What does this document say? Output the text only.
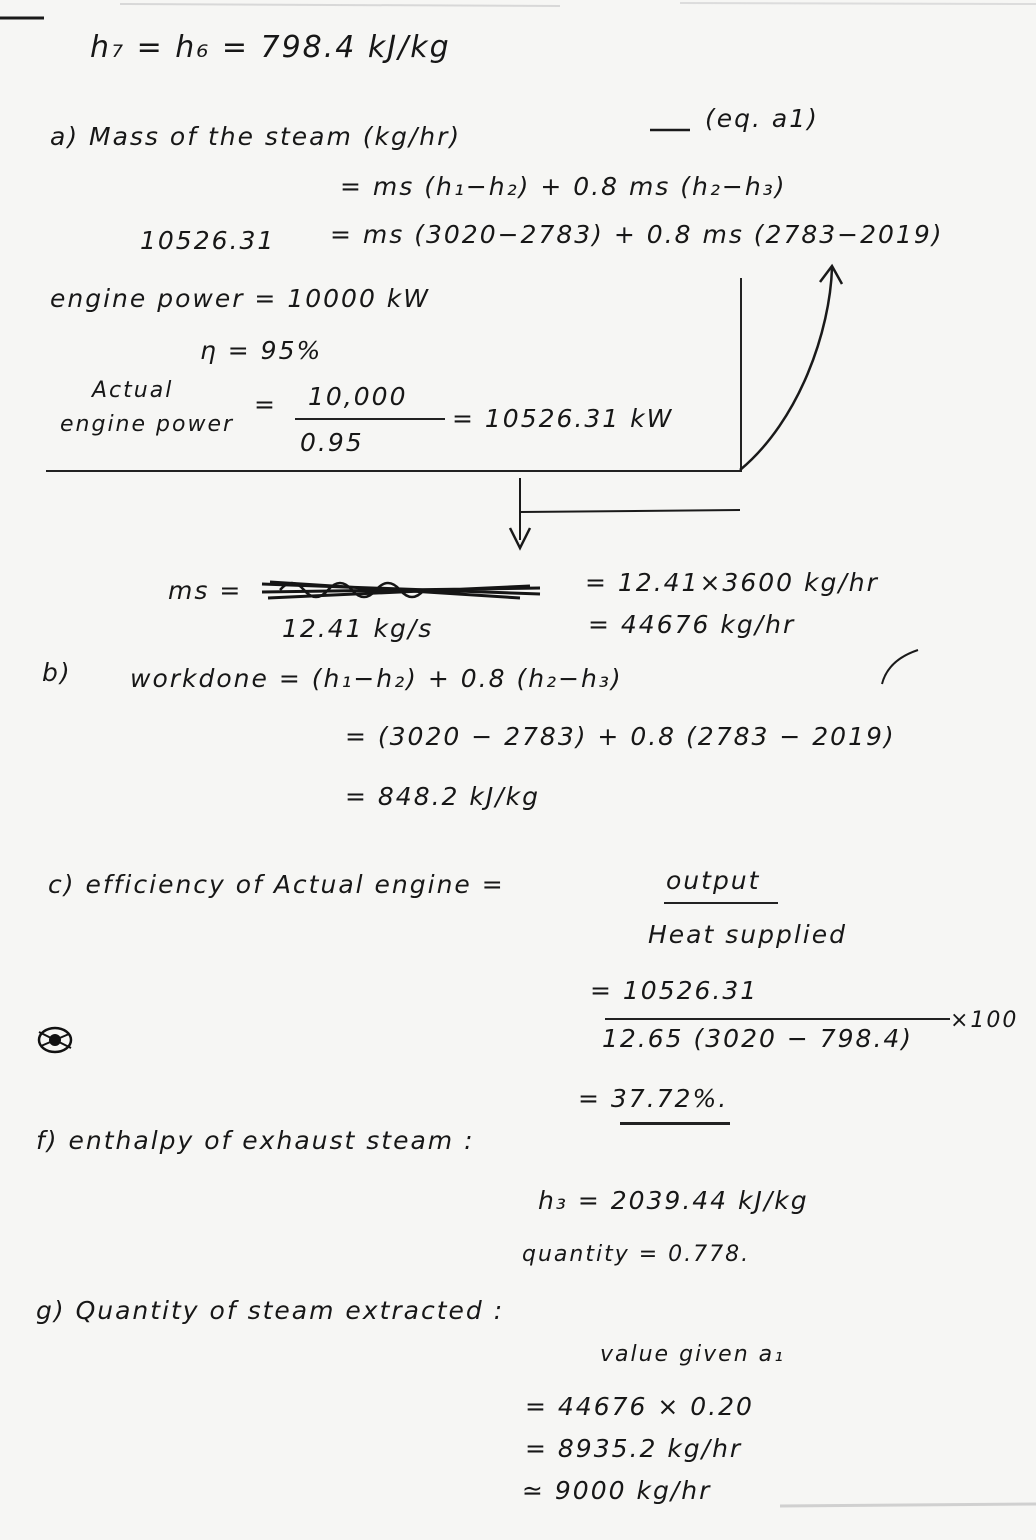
h₇ = h₆ = 798.4 kJ/kg
a) Mass of the steam (kg/hr)
(eq. a1)
= ms (h₁−h₂) + 0.8 ms (h₂−h₃)
10526.31 = ms (3020−2783) + 0.8 ms (2783−2019)
engine power = 10000 kW
η = 95%
Actual
engine power
= 10,000
0.95
= 10526.31 kW
ms =	= 12.41×3600 kg/hr
12.41 kg/s	= 44676 kg/hr
b) workdone = (h₁−h₂) + 0.8 (h₂−h₃)
= (3020 − 2783) + 0.8 (2783 − 2019)
= 848.2 kJ/kg
c) efficiency of Actual engine =	output
Heat supplied
= 10526.31
12.65 (3020 − 798.4)
×100
= 37.72%.
f) enthalpy of exhaust steam :
h₃ = 2039.44 kJ/kg
quantity = 0.778.
g) Quantity of steam extracted :
value given a₁
= 44676 × 0.20
= 8935.2 kg/hr
≃ 9000 kg/hr
